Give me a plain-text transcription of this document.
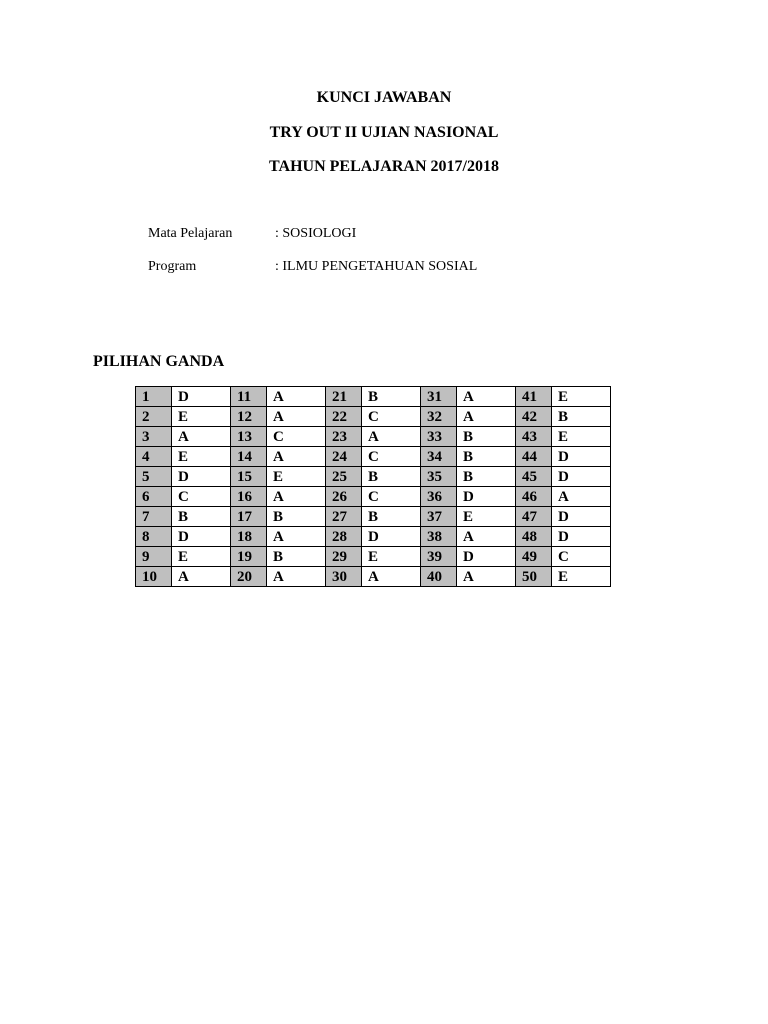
KUNCI JAWABAN
TRY OUT II UJIAN NASIONAL
TAHUN PELAJARAN 2017/2018
Mata Pelajaran	: SOSIOLOGI
Program	: ILMU PENGETAHUAN SOSIAL
PILIHAN GANDA
1	D	11	A	21	B	31	A	41	E
2	E	12	A	22	C	32	A	42	B
3	A	13	C	23	A	33	B	43	E
4	E	14	A	24	C	34	B	44	D
5	D	15	E	25	B	35	B	45	D
6	C	16	A	26	C	36	D	46	A
7	B	17	B	27	B	37	E	47	D
8	D	18	A	28	D	38	A	48	D
9	E	19	B	29	E	39	D	49	C
10	A	20	A	30	A	40	A	50	E
